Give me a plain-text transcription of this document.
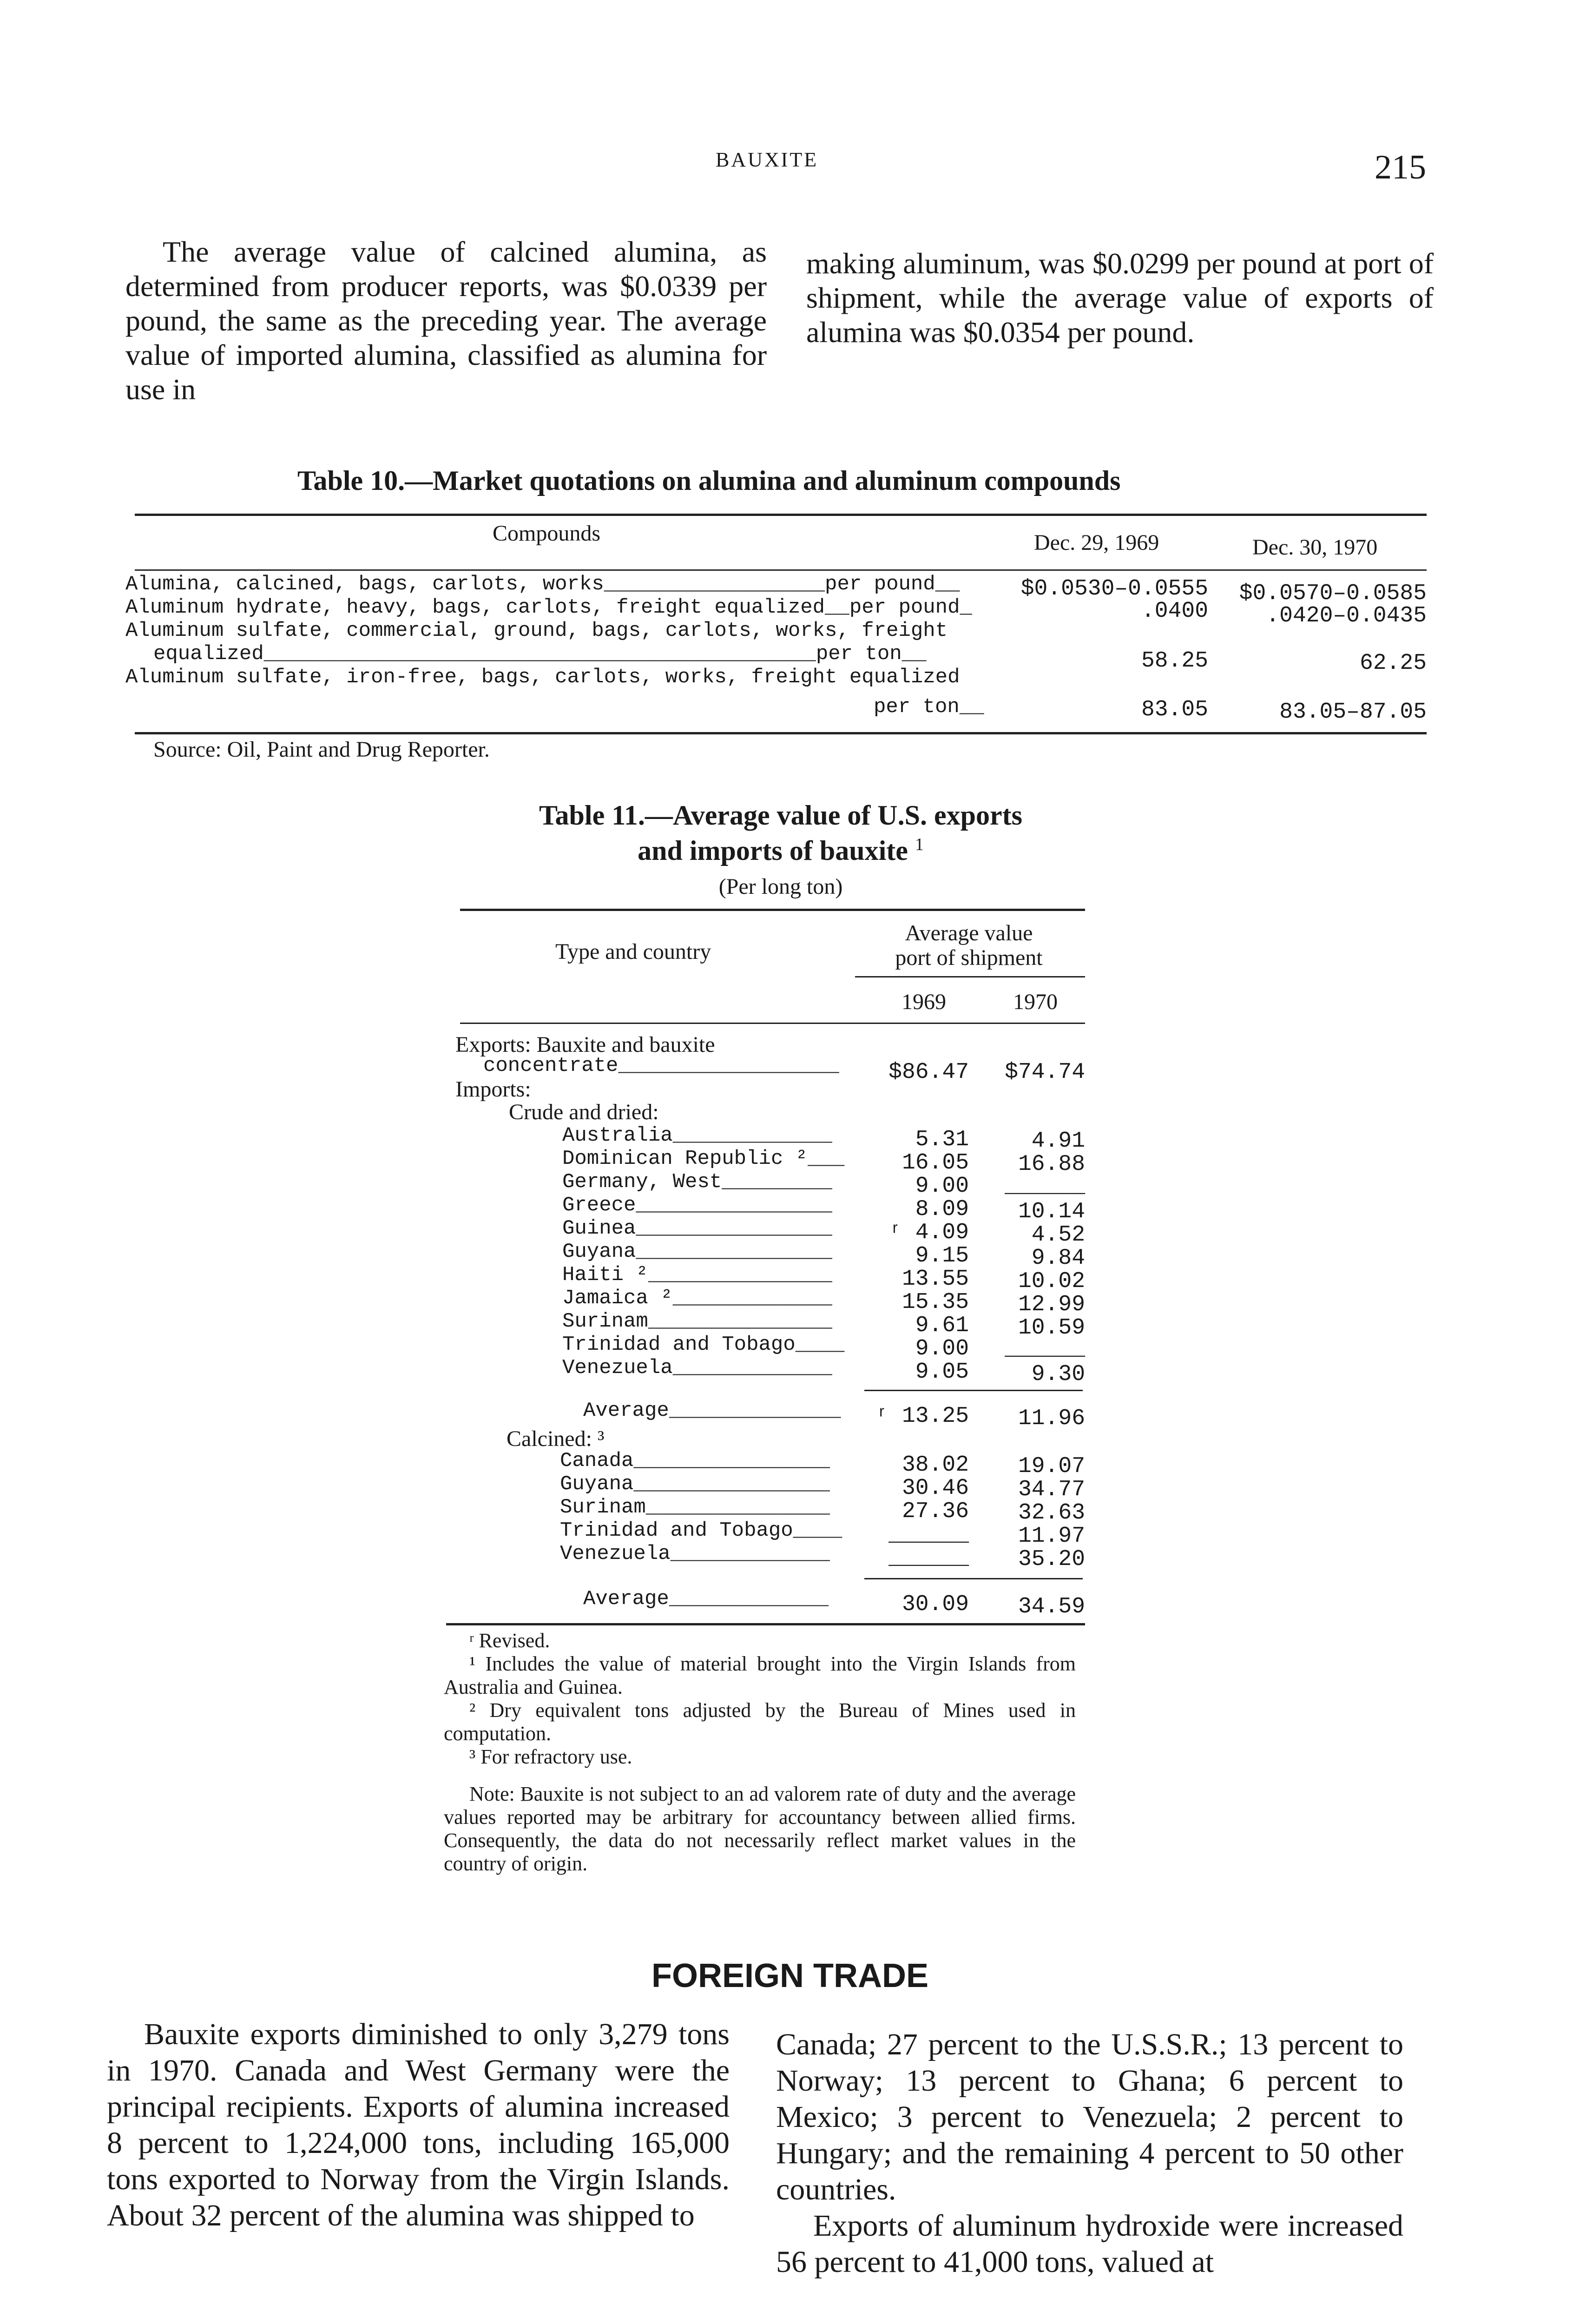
BAUXITE	215

The average value of calcined alumina, as determined from producer reports, was $0.0339 per pound, the same as the preceding year. The average value of imported alumina, classified as alumina for use in

making aluminum, was $0.0299 per pound at port of shipment, while the average value of exports of alumina was $0.0354 per pound.

Table 10.—Market quotations on alumina and aluminum compounds
Compounds	Dec. 29, 1969	Dec. 30, 1970
Alumina, calcined, bags, carlots, works__________________per pound__	$0.0530–0.0555	$0.0570–0.0585
Aluminum hydrate, heavy, bags, carlots, freight equalized__per pound_	.0400	.0420–0.0435
Aluminum sulfate, commercial, ground, bags, carlots, works, freight
equalized_____________________________________________per ton__	58.25	62.25
Aluminum sulfate, iron-free, bags, carlots, works, freight equalized
per ton__	83.05	83.05–87.05
Source: Oil, Paint and Drug Reporter.
Table 11.—Average value of U.S. exports
and imports of bauxite $^1$
(Per long ton)
Type and country
Average value
port of shipment
1969	1970
Exports: Bauxite and bauxite
concentrate__________________	$86.47	$74.74
Imports:
Crude and dried:
Australia_____________	5.31	4.91
Dominican Republic ²___	16.05	16.88
Germany, West_________	9.00	______
Greece________________	8.09	10.14
Guinea________________	ʳ 4.09	4.52
Guyana________________	9.15	9.84
Haiti ²_______________	13.55	10.02
Jamaica ²_____________	15.35	12.99
Surinam_______________	9.61	10.59
Trinidad and Tobago____	9.00	______
Venezuela_____________	9.05	9.30
Average______________	ʳ 13.25	11.96
Calcined: ³
Canada________________	38.02	19.07
Guyana________________	30.46	34.77
Surinam_______________	27.36	32.63
Trinidad and Tobago____	______	11.97
Venezuela_____________	______	35.20
Average_____________	30.09	34.59
ʳ Revised.
¹ Includes the value of material brought into the Virgin Islands from Australia and Guinea.
² Dry equivalent tons adjusted by the Bureau of Mines used in computation.
³ For refractory use.
Note: Bauxite is not subject to an ad valorem rate of duty and the average values reported may be arbitrary for accountancy between allied firms. Consequently, the data do not necessarily reflect market values in the country of origin.
FOREIGN TRADE

Bauxite exports diminished to only 3,279 tons in 1970. Canada and West Germany were the principal recipients. Exports of alumina increased 8 percent to 1,224,000 tons, including 165,000 tons exported to Norway from the Virgin Islands. About 32 percent of the alumina was shipped to

Canada; 27 percent to the U.S.S.R.; 13 percent to Norway; 13 percent to Ghana; 6 percent to Mexico; 3 percent to Venezuela; 2 percent to Hungary; and the remaining 4 percent to 50 other countries.

Exports of aluminum hydroxide were increased 56 percent to 41,000 tons, valued at
